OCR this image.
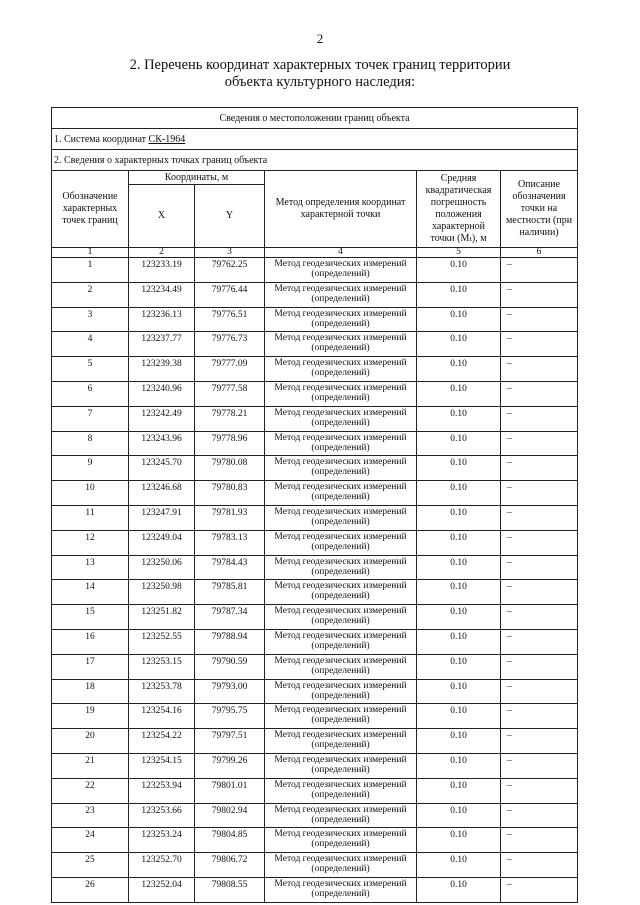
2
2. Перечень координат характерных точек границ территории
объекта культурного наследия:
Сведения о местоположении границ объекта					
1. Система координат СК-1964					
2. Сведения о характерных точках границ объекта					
Обозначение характерных точек границ	Координаты, м		Метод определения координат характерной точки	Средняя квадратическая погрешность положения характерной точки (Mₜ), м	Описание обозначения точки на местности (при наличии)
	X	Y			
1	2	3	4	5	6
1	123233.19	79762.25	Метод геодезических измерений (определений)	0.10	–
2	123234.49	79776.44	Метод геодезических измерений (определений)	0.10	–
3	123236.13	79776.51	Метод геодезических измерений (определений)	0.10	–
4	123237.77	79776.73	Метод геодезических измерений (определений)	0.10	–
5	123239.38	79777.09	Метод геодезических измерений (определений)	0.10	–
6	123240.96	79777.58	Метод геодезических измерений (определений)	0.10	–
7	123242.49	79778.21	Метод геодезических измерений (определений)	0.10	–
8	123243.96	79778.96	Метод геодезических измерений (определений)	0.10	–
9	123245.70	79780.08	Метод геодезических измерений (определений)	0.10	–
10	123246.68	79780.83	Метод геодезических измерений (определений)	0.10	–
11	123247.91	79781.93	Метод геодезических измерений (определений)	0.10	–
12	123249.04	79783.13	Метод геодезических измерений (определений)	0.10	–
13	123250.06	79784.43	Метод геодезических измерений (определений)	0.10	–
14	123250.98	79785.81	Метод геодезических измерений (определений)	0.10	–
15	123251.82	79787.34	Метод геодезических измерений (определений)	0.10	–
16	123252.55	79788.94	Метод геодезических измерений (определений)	0.10	–
17	123253.15	79790.59	Метод геодезических измерений (определений)	0.10	–
18	123253.78	79793.00	Метод геодезических измерений (определений)	0.10	–
19	123254.16	79795.75	Метод геодезических измерений (определений)	0.10	–
20	123254.22	79797.51	Метод геодезических измерений (определений)	0.10	–
21	123254.15	79799.26	Метод геодезических измерений (определений)	0.10	–
22	123253.94	79801.01	Метод геодезических измерений (определений)	0.10	–
23	123253.66	79802.94	Метод геодезических измерений (определений)	0.10	–
24	123253.24	79804.85	Метод геодезических измерений (определений)	0.10	–
25	123252.70	79806.72	Метод геодезических измерений (определений)	0.10	–
26	123252.04	79808.55	Метод геодезических измерений (определений)	0.10	–
